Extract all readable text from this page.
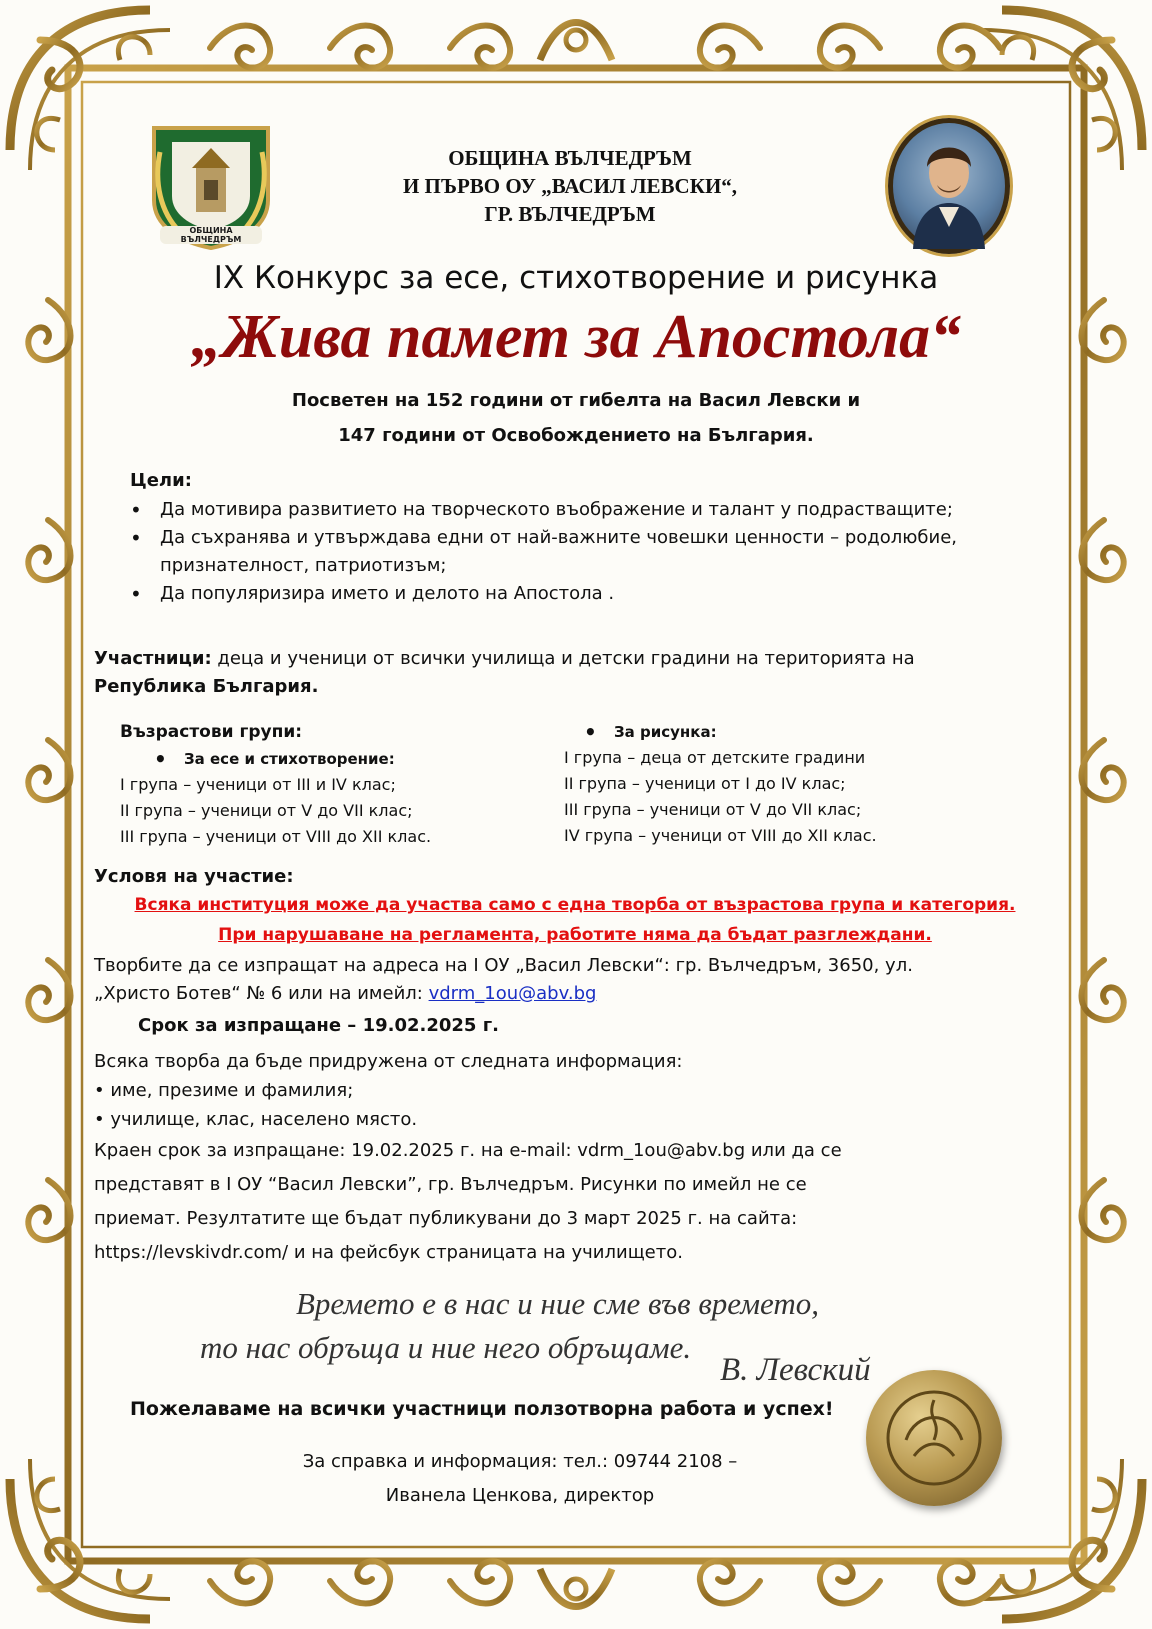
ОБЩИНА ВЪЛЧЕДРЪМ
ОБЩИНА ВЪЛЧЕДРЪМ
И ПЪРВО ОУ „ВАСИЛ ЛЕВСКИ“,
ГР. ВЪЛЧЕДРЪМ
IX Конкурс за есе, стихотворение и рисунка
„Жива памет за Апостола“
Посветен на 152 години от гибелта на Васил Левски и
147 години от Освобождението на България.
Цели:
• Да мотивира развитието на творческото въображение и талант у подрастващите;
• Да съхранява и утвърждава едни от най-важните човешки ценности – родолюбие, признателност, патриотизъм;
• Да популяризира името и делото на Апостола .
Участници: деца и ученици от всички училища и детски градини на територията на
Република България.
Възрастови групи:
• За есе и стихотворение:
I група – ученици от III и IV клас;
II група – ученици от V до VII клас;
III група – ученици от VIII до XII клас.
• За рисунка:
I група – деца от детските градини
II група – ученици от I до IV клас;
III група – ученици от V до VII клас;
IV група – ученици от VIII до XII клас.
Условя на участие:
Всяка институция може да участва само с една творба от възрастова група и категория.
При нарушаване на регламента, работите няма да бъдат разглеждани.
Творбите да се изпращат на адреса на I ОУ „Васил Левски“: гр. Вълчедръм, 3650, ул.
„Христо Ботев“ № 6 или на имейл: vdrm_1ou@abv.bg
Срок за изпращане – 19.02.2025 г.
Всяка творба да бъде придружена от следната информация:
• име, презиме и фамилия;
• училище, клас, населено място.
Краен срок за изпращане: 19.02.2025 г. на e-mail: vdrm_1ou@abv.bg или да се
представят в I ОУ “Васил Левски”, гр. Вълчедръм. Рисунки по имейл не се
приемат. Резултатите ще бъдат публикувани до 3 март 2025 г. на сайта:
https://levskivdr.com/ и на фейсбук страницата на училището.
Времето е в нас и ние сме във времето,
то нас обръща и ние него обръщаме.
В. Левский
Пожелаваме на всички участници ползотворна работа и успех!
За справка и информация: тел.: 09744 2108 –
Иванела Ценкова, директор
